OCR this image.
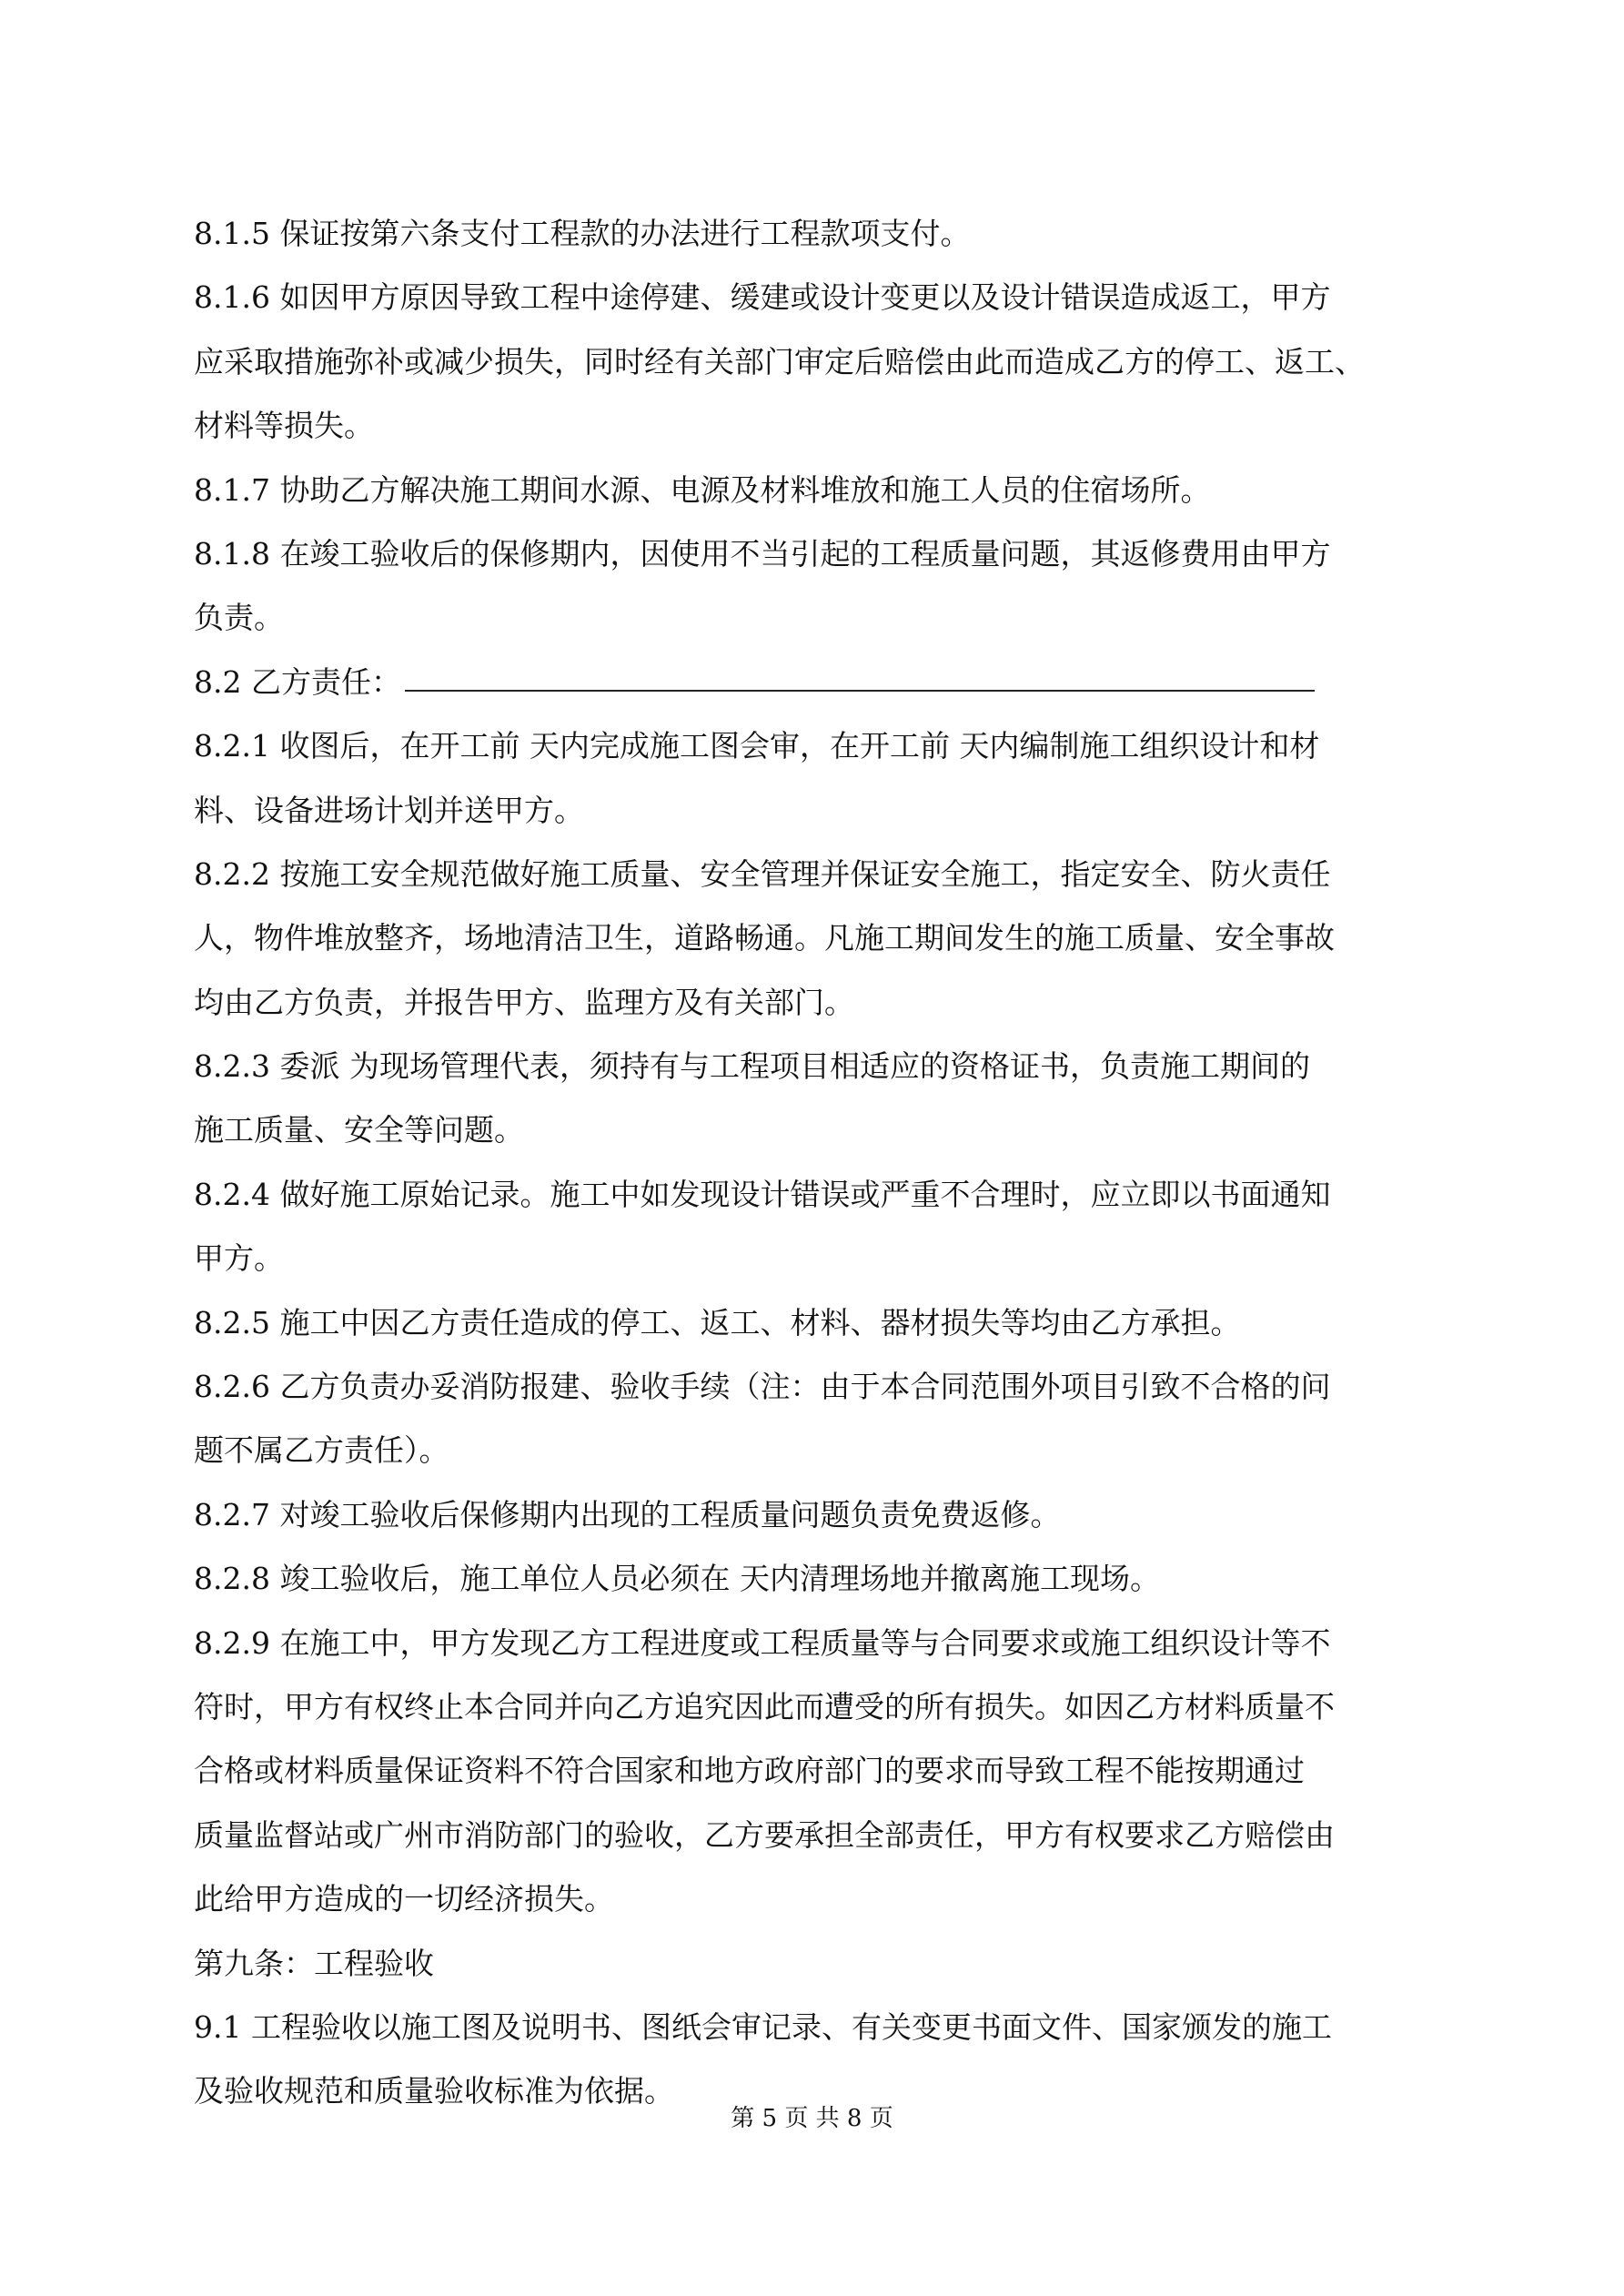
8.1.5 保证按第六条支付工程款的办法进行工程款项支付。
8.1.6 如因甲方原因导致工程中途停建、缓建或设计变更以及设计错误造成返工，甲方
应采取措施弥补或减少损失，同时经有关部门审定后赔偿由此而造成乙方的停工、返工、
材料等损失。
8.1.7 协助乙方解决施工期间水源、电源及材料堆放和施工人员的住宿场所。
8.1.8 在竣工验收后的保修期内，因使用不当引起的工程质量问题，其返修费用由甲方
负责。
8.2 乙方责任：
8.2.1 收图后，在开工前 天内完成施工图会审，在开工前 天内编制施工组织设计和材
料、设备进场计划并送甲方。
8.2.2 按施工安全规范做好施工质量、安全管理并保证安全施工，指定安全、防火责任
人，物件堆放整齐，场地清洁卫生，道路畅通。凡施工期间发生的施工质量、安全事故
均由乙方负责，并报告甲方、监理方及有关部门。
8.2.3 委派 为现场管理代表，须持有与工程项目相适应的资格证书，负责施工期间的
施工质量、安全等问题。
8.2.4 做好施工原始记录。施工中如发现设计错误或严重不合理时，应立即以书面通知
甲方。
8.2.5 施工中因乙方责任造成的停工、返工、材料、器材损失等均由乙方承担。
8.2.6 乙方负责办妥消防报建、验收手续（注：由于本合同范围外项目引致不合格的问
题不属乙方责任）。
8.2.7 对竣工验收后保修期内出现的工程质量问题负责免费返修。
8.2.8 竣工验收后，施工单位人员必须在 天内清理场地并撤离施工现场。
8.2.9 在施工中，甲方发现乙方工程进度或工程质量等与合同要求或施工组织设计等不
符时，甲方有权终止本合同并向乙方追究因此而遭受的所有损失。如因乙方材料质量不
合格或材料质量保证资料不符合国家和地方政府部门的要求而导致工程不能按期通过
质量监督站或广州市消防部门的验收，乙方要承担全部责任，甲方有权要求乙方赔偿由
此给甲方造成的一切经济损失。
第九条：工程验收
9.1 工程验收以施工图及说明书、图纸会审记录、有关变更书面文件、国家颁发的施工
及验收规范和质量验收标准为依据。
第 5 页 共 8 页
